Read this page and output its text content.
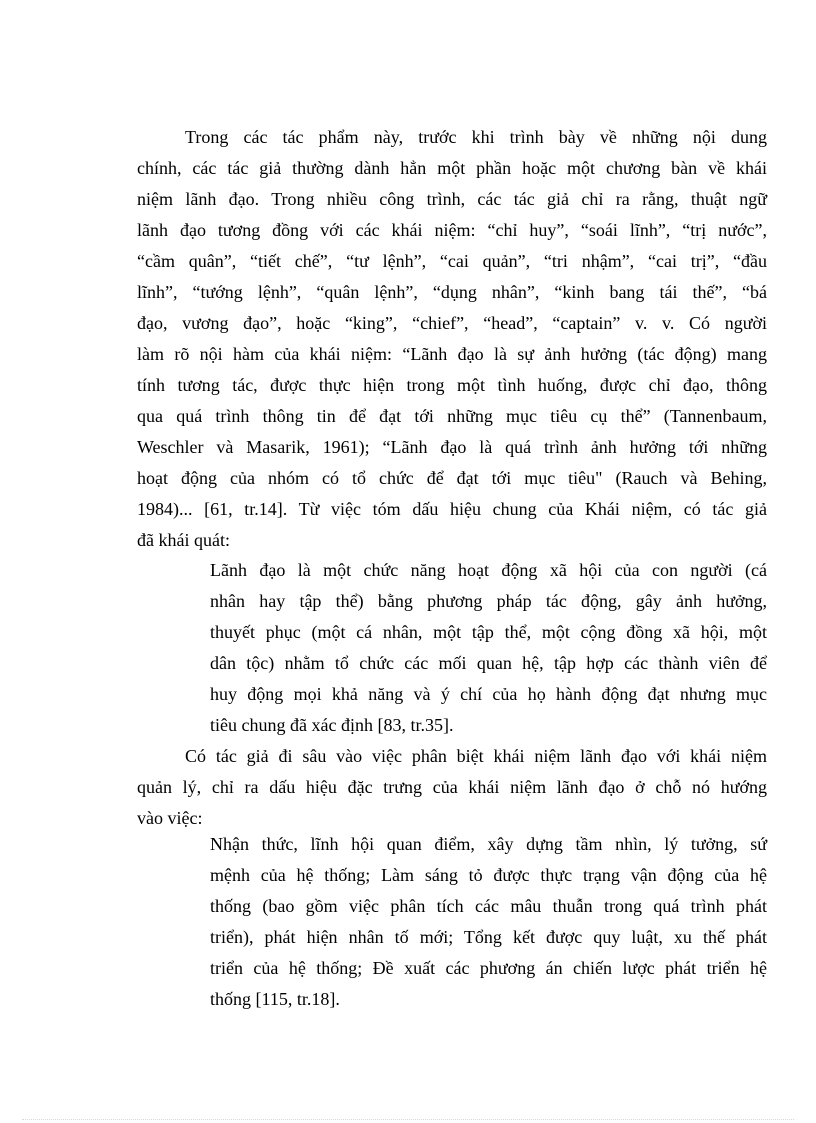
Trong các tác phẩm này, trước khi trình bày về những nội dung
chính, các tác giả thường dành hẳn một phần hoặc một chương bàn về khái
niệm lãnh đạo. Trong nhiều công trình, các tác giả chỉ ra rằng, thuật ngữ
lãnh đạo tương đồng với các khái niệm: “chỉ huy”, “soái lĩnh”, “trị nước”,
“cầm quân”, “tiết chế”, “tư lệnh”, “cai quản”, “tri nhậm”, “cai trị”, “đầu
lĩnh”, “tướng lệnh”, “quân lệnh”, “dụng nhân”, “kinh bang tái thế”, “bá
đạo, vương đạo”, hoặc “king”, “chief”, “head”, “captain” v. v. Có người
làm rõ nội hàm của khái niệm: “Lãnh đạo là sự ảnh hưởng (tác động) mang
tính tương tác, được thực hiện trong một tình huống, được chỉ đạo, thông
qua quá trình thông tin để đạt tới những mục tiêu cụ thể” (Tannenbaum,
Weschler và Masarik, 1961); “Lãnh đạo là quá trình ảnh hưởng tới những
hoạt động của nhóm có tổ chức để đạt tới mục tiêu" (Rauch và Behing,
1984)... [61, tr.14]. Từ việc tóm dấu hiệu chung của Khái niệm, có tác giả
đã khái quát:
Lãnh đạo là một chức năng hoạt động xã hội của con người (cá
nhân hay tập thể) bằng phương pháp tác động, gây ảnh hưởng,
thuyết phục (một cá nhân, một tập thể, một cộng đồng xã hội, một
dân tộc) nhằm tổ chức các mối quan hệ, tập hợp các thành viên để
huy động mọi khả năng và ý chí của họ hành động đạt nhưng mục
tiêu chung đã xác định [83, tr.35].
Có tác giả đi sâu vào việc phân biệt khái niệm lãnh đạo với khái niệm
quản lý, chỉ ra dấu hiệu đặc trưng của khái niệm lãnh đạo ở chỗ nó hướng
vào việc:
Nhận thức, lĩnh hội quan điểm, xây dựng tầm nhìn, lý tưởng, sứ
mệnh của hệ thống; Làm sáng tỏ được thực trạng vận động của hệ
thống (bao gồm việc phân tích các mâu thuẫn trong quá trình phát
triển), phát hiện nhân tố mới; Tổng kết được quy luật, xu thế phát
triển của hệ thống; Đề xuất các phương án chiến lược phát triển hệ
thống [115, tr.18].
